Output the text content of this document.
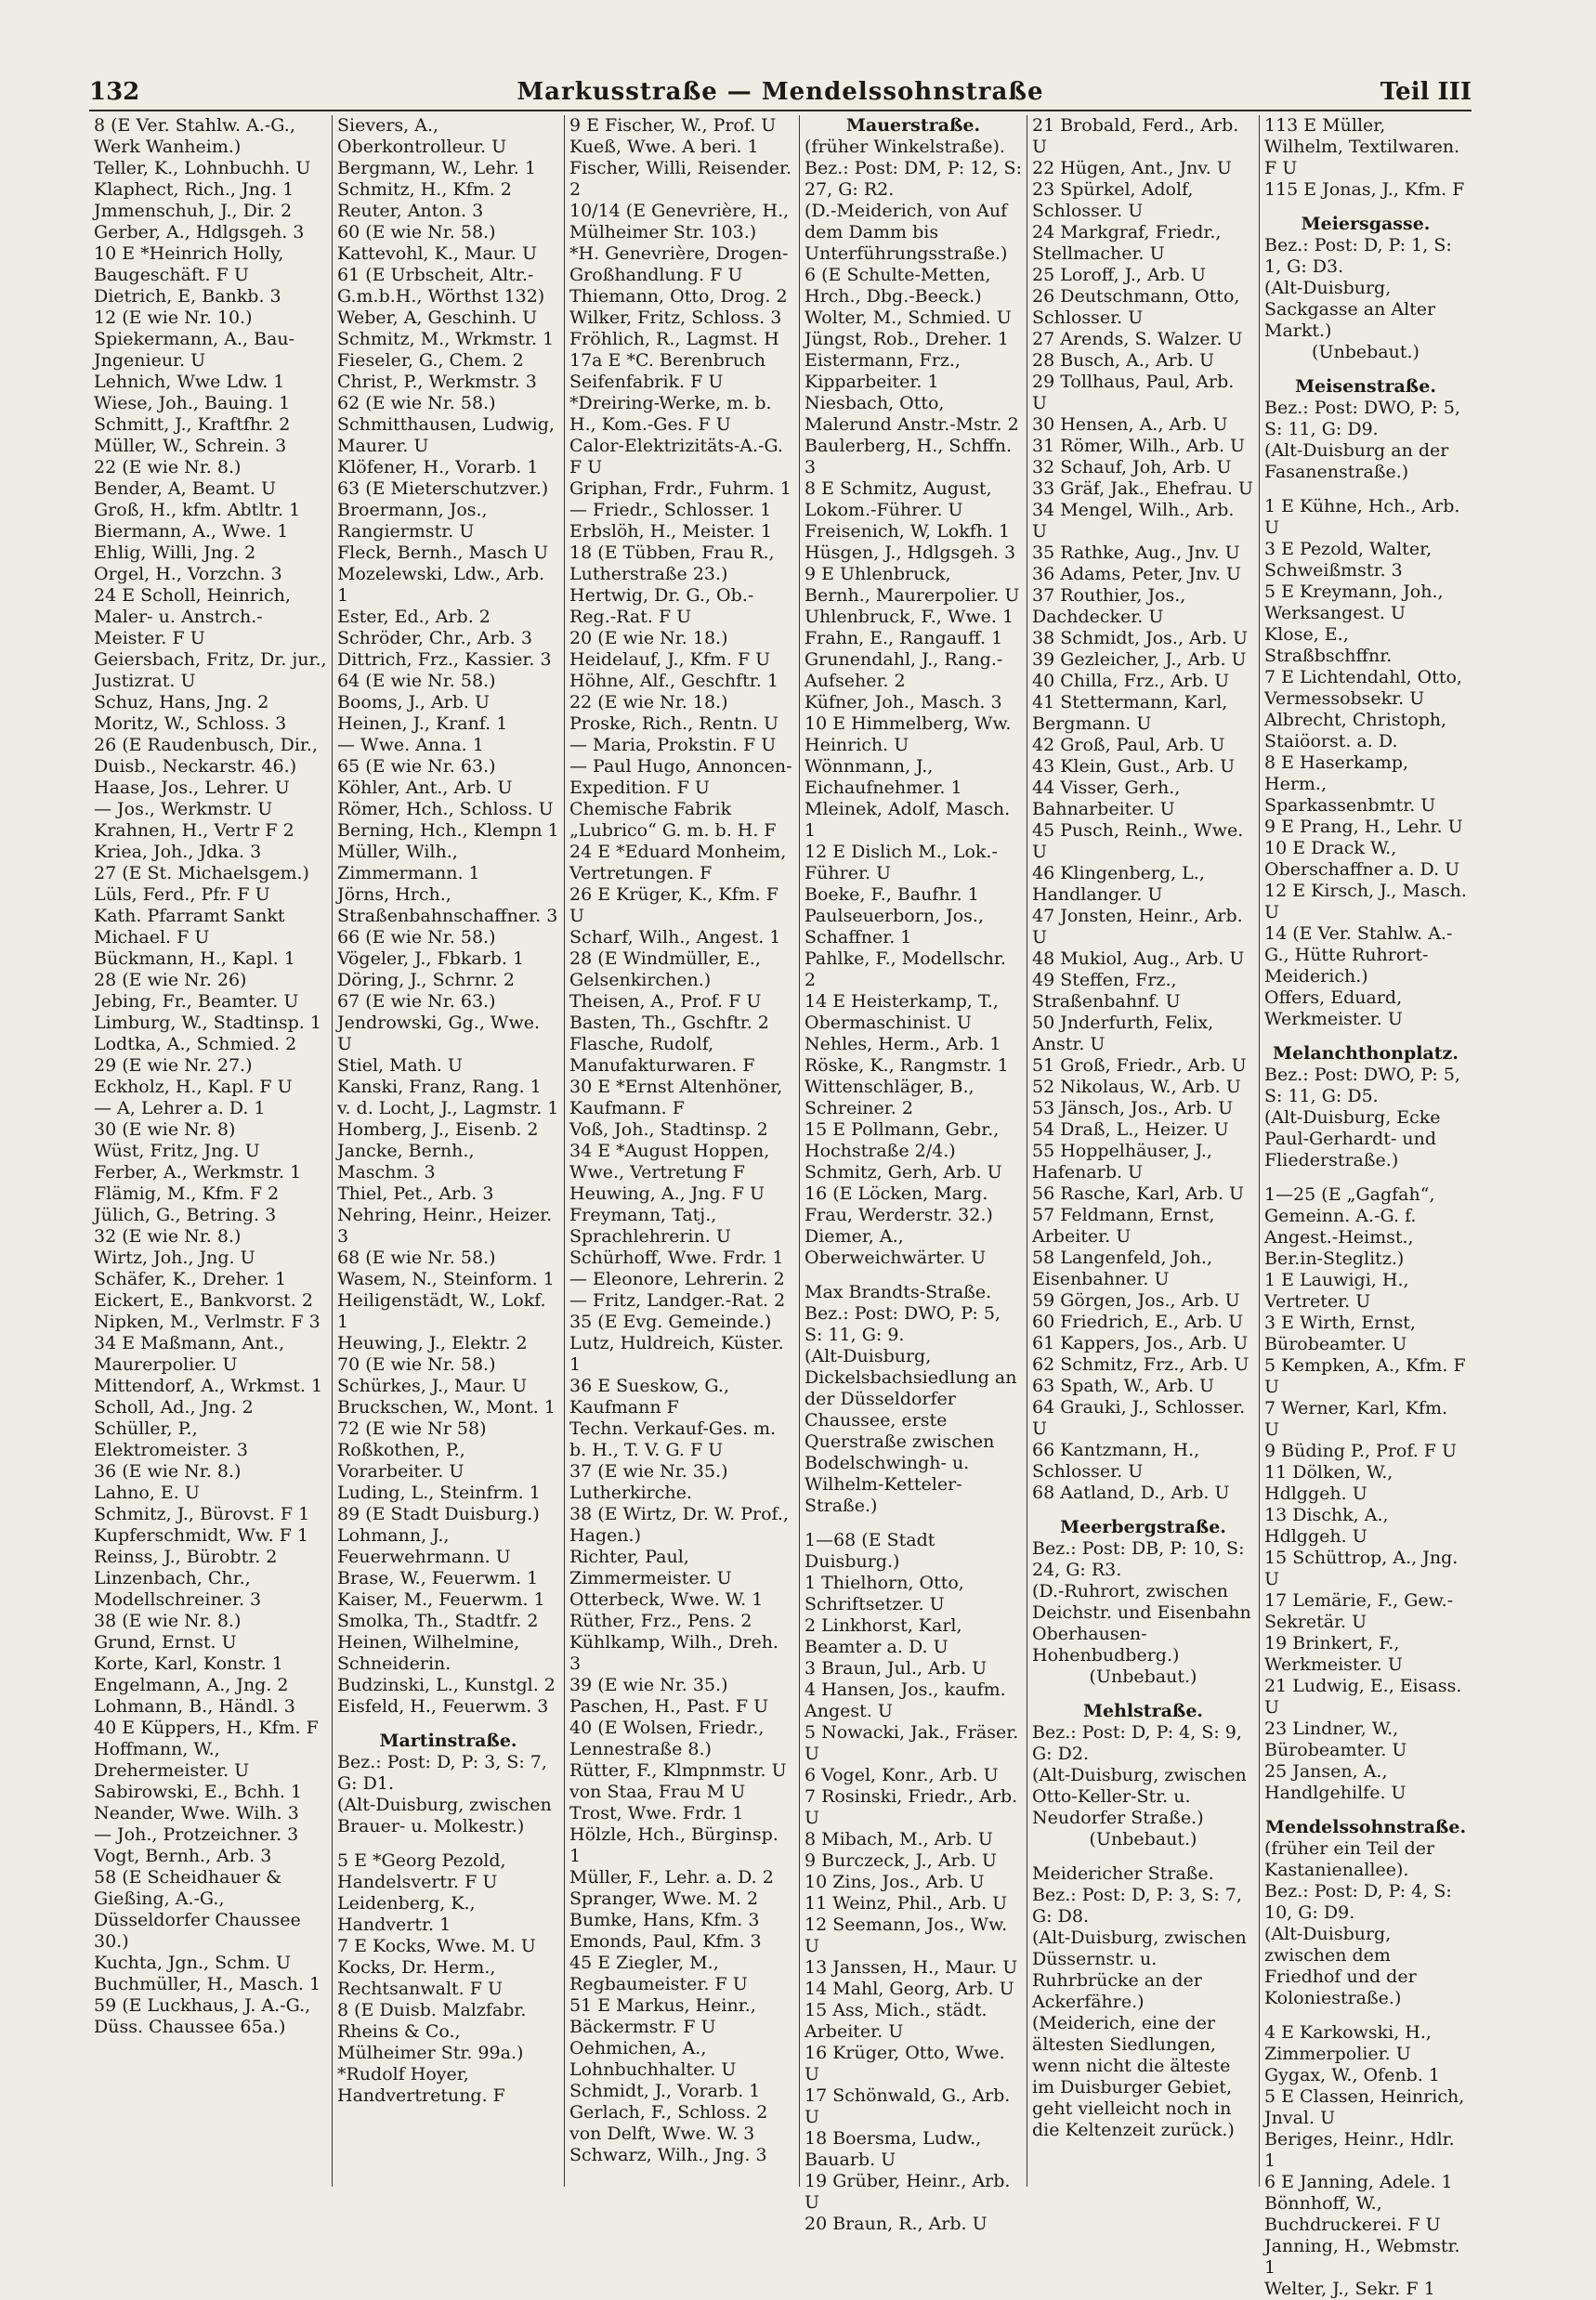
132	Markusstraße — Mendelssohnstraße	Teil III

8 (E Ver. Stahlw. A.-G., Werk Wanheim.)

Teller, K., Lohnbuchh. U

Klaphect, Rich., Jng. 1

Jmmenschuh, J., Dir. 2

Gerber, A., Hdlgsgeh. 3

10 E *Heinrich Holly, Baugeschäft. F U

Dietrich, E, Bankb. 3

12 (E wie Nr. 10.)

Spiekermann, A., Bau-Jngenieur. U

Lehnich, Wwe Ldw. 1

Wiese, Joh., Bauing. 1

Schmitt, J., Kraftfhr. 2

Müller, W., Schrein. 3

22 (E wie Nr. 8.)

Bender, A, Beamt. U

Groß, H., kfm. Abtltr. 1

Biermann, A., Wwe. 1

Ehlig, Willi, Jng. 2

Orgel, H., Vorzchn. 3

24 E Scholl, Heinrich, Maler- u. Anstrch.-Meister. F U

Geiersbach, Fritz, Dr. jur., Justizrat. U

Schuz, Hans, Jng. 2

Moritz, W., Schloss. 3

26 (E Raudenbusch, Dir., Duisb., Neckarstr. 46.)

Haase, Jos., Lehrer. U

— Jos., Werkmstr. U

Krahnen, H., Vertr F 2

Kriea, Joh., Jdka. 3

27 (E St. Michaelsgem.)

Lüls, Ferd., Pfr. F U

Kath. Pfarramt Sankt Michael. F U

Bückmann, H., Kapl. 1

28 (E wie Nr. 26)

Jebing, Fr., Beamter. U

Limburg, W., Stadtinsp. 1

Lodtka, A., Schmied. 2

29 (E wie Nr. 27.)

Eckholz, H., Kapl. F U

— A, Lehrer a. D. 1

30 (E wie Nr. 8)

Wüst, Fritz, Jng. U

Ferber, A., Werkmstr. 1

Flämig, M., Kfm. F 2

Jülich, G., Betring. 3

32 (E wie Nr. 8.)

Wirtz, Joh., Jng. U

Schäfer, K., Dreher. 1

Eickert, E., Bankvorst. 2

Nipken, M., Verlmstr. F 3

34 E Maßmann, Ant., Maurerpolier. U

Mittendorf, A., Wrkmst. 1

Scholl, Ad., Jng. 2

Schüller, P., Elektromeister. 3

36 (E wie Nr. 8.)

Lahno, E. U

Schmitz, J., Bürovst. F 1

Kupferschmidt, Ww. F 1

Reinss, J., Bürobtr. 2

Linzenbach, Chr., Modellschreiner. 3

38 (E wie Nr. 8.)

Grund, Ernst. U

Korte, Karl, Konstr. 1

Engelmann, A., Jng. 2

Lohmann, B., Händl. 3

40 E Küppers, H., Kfm. F

Hoffmann, W., Drehermeister. U

Sabirowski, E., Bchh. 1

Neander, Wwe. Wilh. 3

— Joh., Protzeichner. 3

Vogt, Bernh., Arb. 3

58 (E Scheidhauer & Gießing, A.-G., Düsseldorfer Chaussee 30.)

Kuchta, Jgn., Schm. U

Buchmüller, H., Masch. 1

59 (E Luckhaus, J. A.-G., Düss. Chaussee 65a.)

Sievers, A., Oberkontrolleur. U

Bergmann, W., Lehr. 1

Schmitz, H., Kfm. 2

Reuter, Anton. 3

60 (E wie Nr. 58.)

Kattevohl, K., Maur. U

61 (E Urbscheit, Altr.-G.m.b.H., Wörthst 132)

Weber, A, Geschinh. U

Schmitz, M., Wrkmstr. 1

Fieseler, G., Chem. 2

Christ, P., Werkmstr. 3

62 (E wie Nr. 58.)

Schmitthausen, Ludwig, Maurer. U

Klöfener, H., Vorarb. 1

63 (E Mieterschutzver.)

Broermann, Jos., Rangiermstr. U

Fleck, Bernh., Masch U

Mozelewski, Ldw., Arb. 1

Ester, Ed., Arb. 2

Schröder, Chr., Arb. 3

Dittrich, Frz., Kassier. 3

64 (E wie Nr. 58.)

Booms, J., Arb. U

Heinen, J., Kranf. 1

— Wwe. Anna. 1

65 (E wie Nr. 63.)

Köhler, Ant., Arb. U

Römer, Hch., Schloss. U

Berning, Hch., Klempn 1

Müller, Wilh., Zimmermann. 1

Jörns, Hrch., Straßenbahnschaffner. 3

66 (E wie Nr. 58.)

Vögeler, J., Fbkarb. 1

Döring, J., Schrnr. 2

67 (E wie Nr. 63.)

Jendrowski, Gg., Wwe. U

Stiel, Math. U

Kanski, Franz, Rang. 1

v. d. Locht, J., Lagmstr. 1

Homberg, J., Eisenb. 2

Jancke, Bernh., Maschm. 3

Thiel, Pet., Arb. 3

Nehring, Heinr., Heizer. 3

68 (E wie Nr. 58.)

Wasem, N., Steinform. 1

Heiligenstädt, W., Lokf. 1

Heuwing, J., Elektr. 2

70 (E wie Nr. 58.)

Schürkes, J., Maur. U

Bruckschen, W., Mont. 1

72 (E wie Nr 58)

Roßkothen, P., Vorarbeiter. U

Luding, L., Steinfrm. 1

89 (E Stadt Duisburg.)

Lohmann, J., Feuerwehrmann. U

Brase, W., Feuerwm. 1

Kaiser, M., Feuerwm. 1

Smolka, Th., Stadtfr. 2

Heinen, Wilhelmine, Schneiderin.

Budzinski, L., Kunstgl. 2

Eisfeld, H., Feuerwm. 3

Martinstraße.

Bez.: Post: D, P: 3, S: 7, G: D1.

(Alt-Duisburg, zwischen Brauer- u. Molkestr.)

5 E *Georg Pezold, Handelsvertr. F U

Leidenberg, K., Handvertr. 1

7 E Kocks, Wwe. M. U

Kocks, Dr. Herm., Rechtsanwalt. F U

8 (E Duisb. Malzfabr. Rheins & Co., Mülheimer Str. 99a.)

*Rudolf Hoyer, Handvertretung. F

9 E Fischer, W., Prof. U

Kueß, Wwe. A beri. 1

Fischer, Willi, Reisender. 2

10/14 (E Genevrière, H., Mülheimer Str. 103.)

*H. Genevrière, Drogen-Großhandlung. F U

Thiemann, Otto, Drog. 2

Wilker, Fritz, Schloss. 3

Fröhlich, R., Lagmst. H

17a E *C. Berenbruch Seifenfabrik. F U

*Dreiring-Werke, m. b. H., Kom.-Ges. F U

Calor-Elektrizitäts-A.-G. F U

Griphan, Frdr., Fuhrm. 1

— Friedr., Schlosser. 1

Erbslöh, H., Meister. 1

18 (E Tübben, Frau R., Lutherstraße 23.)

Hertwig, Dr. G., Ob.-Reg.-Rat. F U

20 (E wie Nr. 18.)

Heidelauf, J., Kfm. F U

Höhne, Alf., Geschftr. 1

22 (E wie Nr. 18.)

Proske, Rich., Rentn. U

— Maria, Prokstin. F U

— Paul Hugo, Annoncen-Expedition. F U

Chemische Fabrik „Lubrico“ G. m. b. H. F

24 E *Eduard Monheim, Vertretungen. F

26 E Krüger, K., Kfm. F U

Scharf, Wilh., Angest. 1

28 (E Windmüller, E., Gelsenkirchen.)

Theisen, A., Prof. F U

Basten, Th., Gschftr. 2

Flasche, Rudolf, Manufakturwaren. F

30 E *Ernst Altenhöner, Kaufmann. F

Voß, Joh., Stadtinsp. 2

34 E *August Hoppen, Wwe., Vertretung F

Heuwing, A., Jng. F U

Freymann, Tatj., Sprachlehrerin. U

Schürhoff, Wwe. Frdr. 1

— Eleonore, Lehrerin. 2

— Fritz, Landger.-Rat. 2

35 (E Evg. Gemeinde.)

Lutz, Huldreich, Küster. 1

36 E Sueskow, G., Kaufmann F

Techn. Verkauf-Ges. m. b. H., T. V. G. F U

37 (E wie Nr. 35.)

Lutherkirche.

38 (E Wirtz, Dr. W. Prof., Hagen.)

Richter, Paul, Zimmermeister. U

Otterbeck, Wwe. W. 1

Rüther, Frz., Pens. 2

Kühlkamp, Wilh., Dreh. 3

39 (E wie Nr. 35.)

Paschen, H., Past. F U

40 (E Wolsen, Friedr., Lennestraße 8.)

Rütter, F., Klmpnmstr. U

von Staa, Frau M U

Trost, Wwe. Frdr. 1

Hölzle, Hch., Bürginsp. 1

Müller, F., Lehr. a. D. 2

Spranger, Wwe. M. 2

Bumke, Hans, Kfm. 3

Emonds, Paul, Kfm. 3

45 E Ziegler, M., Regbaumeister. F U

51 E Markus, Heinr., Bäckermstr. F U

Oehmichen, A., Lohnbuchhalter. U

Schmidt, J., Vorarb. 1

Gerlach, F., Schloss. 2

von Delft, Wwe. W. 3

Schwarz, Wilh., Jng. 3

Mauerstraße.

(früher Winkelstraße).

Bez.: Post: DM, P: 12, S: 27, G: R2.

(D.-Meiderich, von Auf dem Damm bis Unterführungsstraße.)

6 (E Schulte-Metten, Hrch., Dbg.-Beeck.)

Wolter, M., Schmied. U

Jüngst, Rob., Dreher. 1

Eistermann, Frz., Kipparbeiter. 1

Niesbach, Otto, Malerund Anstr.-Mstr. 2

Baulerberg, H., Schffn. 3

8 E Schmitz, August, Lokom.-Führer. U

Freisenich, W, Lokfh. 1

Hüsgen, J., Hdlgsgeh. 3

9 E Uhlenbruck, Bernh., Maurerpolier. U

Uhlenbruck, F., Wwe. 1

Frahn, E., Rangauff. 1

Grunendahl, J., Rang.-Aufseher. 2

Küfner, Joh., Masch. 3

10 E Himmelberg, Ww. Heinrich. U

Wönnmann, J., Eichaufnehmer. 1

Mleinek, Adolf, Masch. 1

12 E Dislich M., Lok.-Führer. U

Boeke, F., Baufhr. 1

Paulseuerborn, Jos., Schaffner. 1

Pahlke, F., Modellschr. 2

14 E Heisterkamp, T., Obermaschinist. U

Nehles, Herm., Arb. 1

Röske, K., Rangmstr. 1

Wittenschläger, B., Schreiner. 2

15 E Pollmann, Gebr., Hochstraße 2/4.)

Schmitz, Gerh, Arb. U

16 (E Löcken, Marg. Frau, Werderstr. 32.)

Diemer, A., Oberweichwärter. U

Max Brandts-Straße.

Bez.: Post: DWO, P: 5, S: 11, G: 9.

(Alt-Duisburg, Dickelsbachsiedlung an der Düsseldorfer Chaussee, erste Querstraße zwischen Bodelschwingh- u. Wilhelm-Ketteler-Straße.)

1—68 (E Stadt Duisburg.)

1 Thielhorn, Otto, Schriftsetzer. U

2 Linkhorst, Karl, Beamter a. D. U

3 Braun, Jul., Arb. U

4 Hansen, Jos., kaufm. Angest. U

5 Nowacki, Jak., Fräser. U

6 Vogel, Konr., Arb. U

7 Rosinski, Friedr., Arb. U

8 Mibach, M., Arb. U

9 Burczeck, J., Arb. U

10 Zins, Jos., Arb. U

11 Weinz, Phil., Arb. U

12 Seemann, Jos., Ww. U

13 Janssen, H., Maur. U

14 Mahl, Georg, Arb. U

15 Ass, Mich., städt. Arbeiter. U

16 Krüger, Otto, Wwe. U

17 Schönwald, G., Arb. U

18 Boersma, Ludw., Bauarb. U

19 Grüber, Heinr., Arb. U

20 Braun, R., Arb. U

21 Brobald, Ferd., Arb. U

22 Hügen, Ant., Jnv. U

23 Spürkel, Adolf, Schlosser. U

24 Markgraf, Friedr., Stellmacher. U

25 Loroff, J., Arb. U

26 Deutschmann, Otto, Schlosser. U

27 Arends, S. Walzer. U

28 Busch, A., Arb. U

29 Tollhaus, Paul, Arb. U

30 Hensen, A., Arb. U

31 Römer, Wilh., Arb. U

32 Schauf, Joh, Arb. U

33 Gräf, Jak., Ehefrau. U

34 Mengel, Wilh., Arb. U

35 Rathke, Aug., Jnv. U

36 Adams, Peter, Jnv. U

37 Routhier, Jos., Dachdecker. U

38 Schmidt, Jos., Arb. U

39 Gezleicher, J., Arb. U

40 Chilla, Frz., Arb. U

41 Stettermann, Karl, Bergmann. U

42 Groß, Paul, Arb. U

43 Klein, Gust., Arb. U

44 Visser, Gerh., Bahnarbeiter. U

45 Pusch, Reinh., Wwe. U

46 Klingenberg, L., Handlanger. U

47 Jonsten, Heinr., Arb. U

48 Mukiol, Aug., Arb. U

49 Steffen, Frz., Straßenbahnf. U

50 Jnderfurth, Felix, Anstr. U

51 Groß, Friedr., Arb. U

52 Nikolaus, W., Arb. U

53 Jänsch, Jos., Arb. U

54 Draß, L., Heizer. U

55 Hoppelhäuser, J., Hafenarb. U

56 Rasche, Karl, Arb. U

57 Feldmann, Ernst, Arbeiter. U

58 Langenfeld, Joh., Eisenbahner. U

59 Görgen, Jos., Arb. U

60 Friedrich, E., Arb. U

61 Kappers, Jos., Arb. U

62 Schmitz, Frz., Arb. U

63 Spath, W., Arb. U

64 Grauki, J., Schlosser. U

66 Kantzmann, H., Schlosser. U

68 Aatland, D., Arb. U

Meerbergstraße.

Bez.: Post: DB, P: 10, S: 24, G: R3.

(D.-Ruhrort, zwischen Deichstr. und Eisenbahn Oberhausen-Hohenbudberg.)

(Unbebaut.)

Mehlstraße.

Bez.: Post: D, P: 4, S: 9, G: D2.

(Alt-Duisburg, zwischen Otto-Keller-Str. u. Neudorfer Straße.)

(Unbebaut.)

Meidericher Straße.

Bez.: Post: D, P: 3, S: 7, G: D8.

(Alt-Duisburg, zwischen Düssernstr. u. Ruhrbrücke an der Ackerfähre.)

(Meiderich, eine der ältesten Siedlungen, wenn nicht die älteste im Duisburger Gebiet, geht vielleicht noch in die Keltenzeit zurück.)

113 E Müller, Wilhelm, Textilwaren. F U

115 E Jonas, J., Kfm. F

Meiersgasse.

Bez.: Post: D, P: 1, S: 1, G: D3.

(Alt-Duisburg, Sackgasse an Alter Markt.)

(Unbebaut.)

Meisenstraße.

Bez.: Post: DWO, P: 5, S: 11, G: D9.

(Alt-Duisburg an der Fasanenstraße.)

1 E Kühne, Hch., Arb. U

3 E Pezold, Walter, Schweißmstr. 3

5 E Kreymann, Joh., Werksangest. U

Klose, E., Straßbschffnr.

7 E Lichtendahl, Otto, Vermessobsekr. U

Albrecht, Christoph, Staiöorst. a. D.

8 E Haserkamp, Herm., Sparkassenbmtr. U

9 E Prang, H., Lehr. U

10 E Drack W., Oberschaffner a. D. U

12 E Kirsch, J., Masch. U

14 (E Ver. Stahlw. A.-G., Hütte Ruhrort-Meiderich.)

Offers, Eduard, Werkmeister. U

Melanchthonplatz.

Bez.: Post: DWO, P: 5, S: 11, G: D5.

(Alt-Duisburg, Ecke Paul-Gerhardt- und Fliederstraße.)

1—25 (E „Gagfah“, Gemeinn. A.-G. f. Angest.-Heimst., Ber.in-Steglitz.)

1 E Lauwigi, H., Vertreter. U

3 E Wirth, Ernst, Bürobeamter. U

5 Kempken, A., Kfm. F U

7 Werner, Karl, Kfm. U

9 Büding P., Prof. F U

11 Dölken, W., Hdlggeh. U

13 Dischk, A., Hdlggeh. U

15 Schüttrop, A., Jng. U

17 Lemärie, F., Gew.-Sekretär. U

19 Brinkert, F., Werkmeister. U

21 Ludwig, E., Eisass. U

23 Lindner, W., Bürobeamter. U

25 Jansen, A., Handlgehilfe. U

Mendelssohnstraße.

(früher ein Teil der Kastanienallee).

Bez.: Post: D, P: 4, S: 10, G: D9.

(Alt-Duisburg, zwischen dem Friedhof und der Koloniestraße.)

4 E Karkowski, H., Zimmerpolier. U

Gygax, W., Ofenb. 1

5 E Classen, Heinrich, Jnval. U

Beriges, Heinr., Hdlr. 1

6 E Janning, Adele. 1

Bönnhoff, W., Buchdruckerei. F U

Janning, H., Webmstr. 1

Welter, J., Sekr. F 1
